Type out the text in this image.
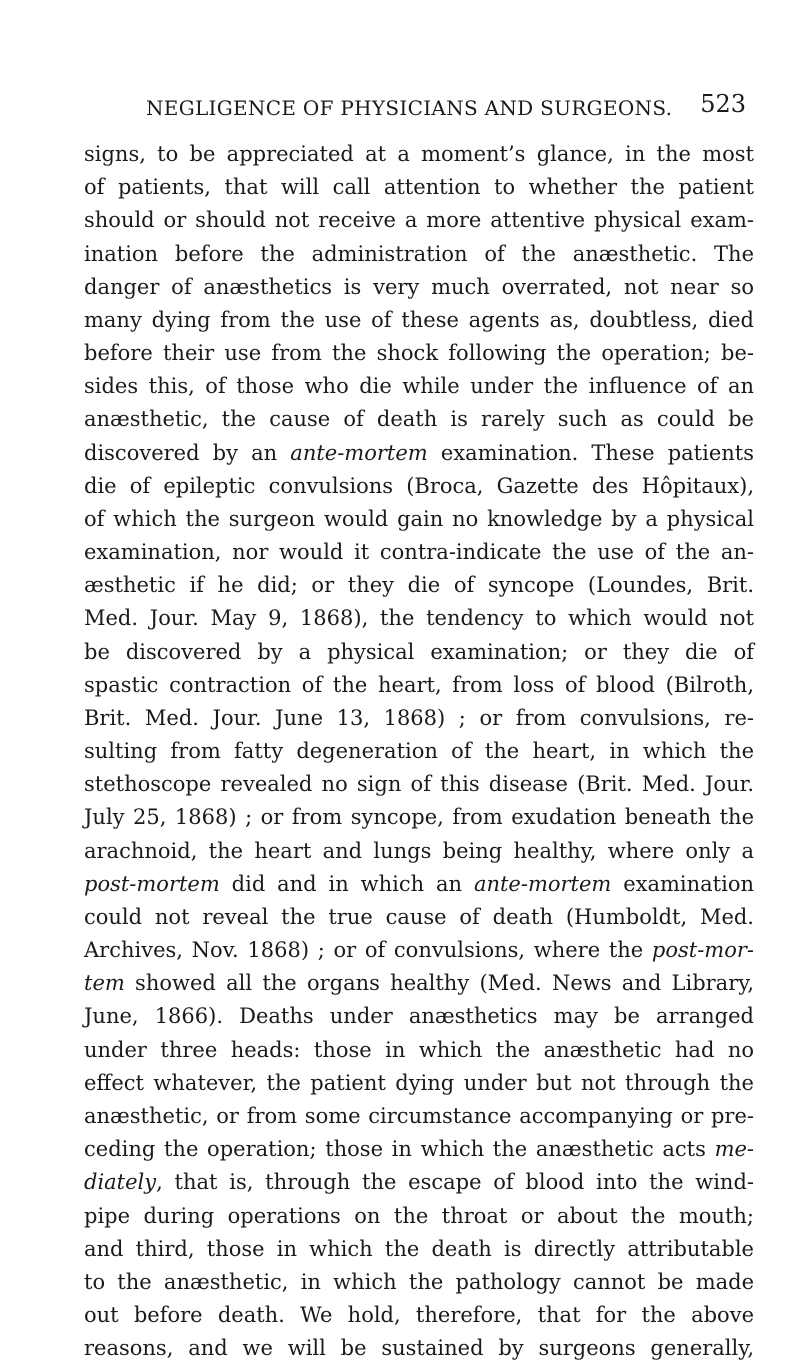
NEGLIGENCE OF PHYSICIANS AND SURGEONS. 523
signs, to be appreciated at a moment’s glance, in the most
of patients, that will call attention to whether the patient
should or should not receive a more attentive physical exam-
ination before the administration of the anæsthetic. The
danger of anæsthetics is very much overrated, not near so
many dying from the use of these agents as, doubtless, died
before their use from the shock following the operation; be-
sides this, of those who die while under the influence of an
anæsthetic, the cause of death is rarely such as could be
discovered by an ante-mortem examination. These patients
die of epileptic convulsions (Broca, Gazette des Hôpitaux),
of which the surgeon would gain no knowledge by a physical
examination, nor would it contra-indicate the use of the an-
æsthetic if he did; or they die of syncope (Loundes, Brit.
Med. Jour. May 9, 1868), the tendency to which would not
be discovered by a physical examination; or they die of
spastic contraction of the heart, from loss of blood (Bilroth,
Brit. Med. Jour. June 13, 1868) ; or from convulsions, re-
sulting from fatty degeneration of the heart, in which the
stethoscope revealed no sign of this disease (Brit. Med. Jour.
July 25, 1868) ; or from syncope, from exudation beneath the
arachnoid, the heart and lungs being healthy, where only a
post-mortem did and in which an ante-mortem examination
could not reveal the true cause of death (Humboldt, Med.
Archives, Nov. 1868) ; or of convulsions, where the post-mor-
tem showed all the organs healthy (Med. News and Library,
June, 1866). Deaths under anæsthetics may be arranged
under three heads: those in which the anæsthetic had no
effect whatever, the patient dying under but not through the
anæsthetic, or from some circumstance accompanying or pre-
ceding the operation; those in which the anæsthetic acts me-
diately, that is, through the escape of blood into the wind-
pipe during operations on the throat or about the mouth;
and third, those in which the death is directly attributable
to the anæsthetic, in which the pathology cannot be made
out before death. We hold, therefore, that for the above
reasons, and we will be sustained by surgeons generally,
